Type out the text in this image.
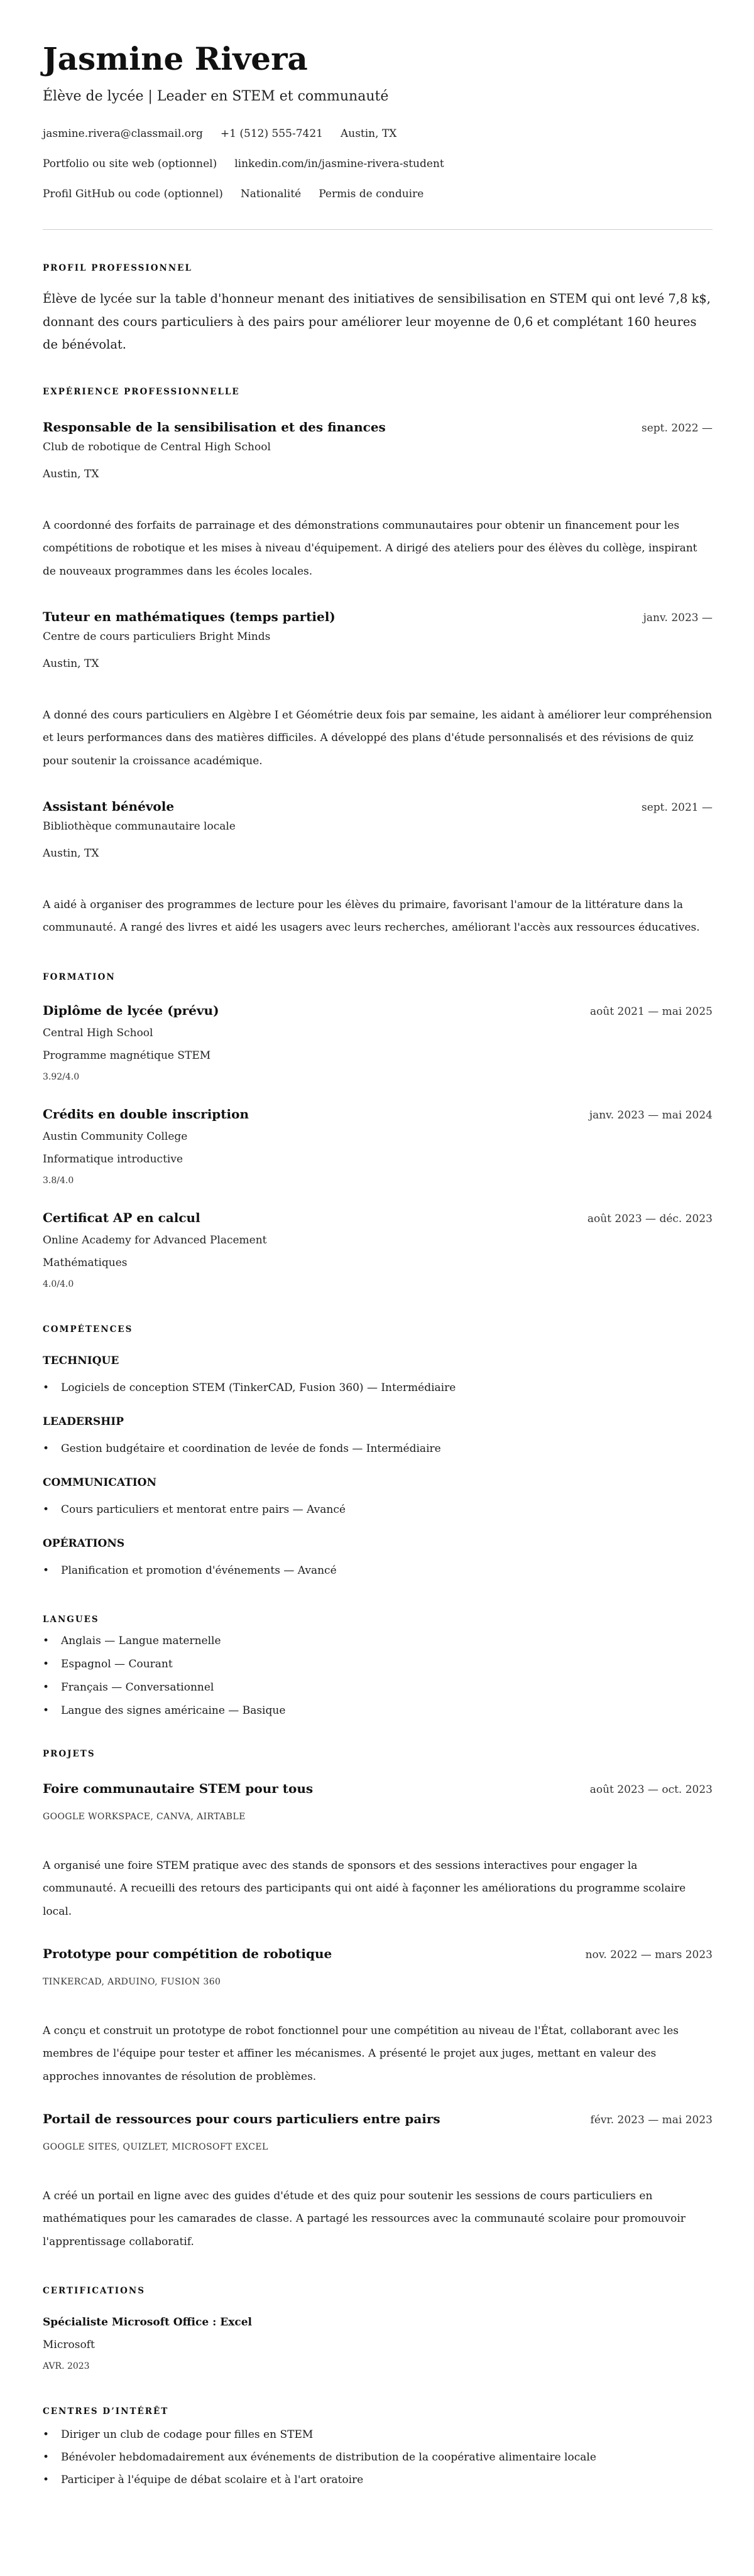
Jasmine Rivera
Élève de lycée | Leader en STEM et communauté
jasmine.rivera@classmail.org +1 (512) 555-7421 Austin, TX
Portfolio ou site web (optionnel) linkedin.com/in/jasmine-rivera-student
Profil GitHub ou code (optionnel) Nationalité Permis de conduire
PROFIL PROFESSIONNEL

Élève de lycée sur la table d'honneur menant des initiatives de sensibilisation en STEM qui ont levé 7,8 k$, donnant des cours particuliers à des pairs pour améliorer leur moyenne de 0,6 et complétant 160 heures de bénévolat.

EXPÉRIENCE PROFESSIONNELLE
Responsable de la sensibilisation et des finances	sept. 2022 —
Club de robotique de Central High School
Austin, TX
A coordonné des forfaits de parrainage et des démonstrations communautaires pour obtenir un financement pour les compétitions de robotique et les mises à niveau d'équipement. A dirigé des ateliers pour des élèves du collège, inspirant de nouveaux programmes dans les écoles locales.
Tuteur en mathématiques (temps partiel)	janv. 2023 —
Centre de cours particuliers Bright Minds
Austin, TX
A donné des cours particuliers en Algèbre I et Géométrie deux fois par semaine, les aidant à améliorer leur compréhension et leurs performances dans des matières difficiles. A développé des plans d'étude personnalisés et des révisions de quiz pour soutenir la croissance académique.
Assistant bénévole	sept. 2021 —
Bibliothèque communautaire locale
Austin, TX
A aidé à organiser des programmes de lecture pour les élèves du primaire, favorisant l'amour de la littérature dans la communauté. A rangé des livres et aidé les usagers avec leurs recherches, améliorant l'accès aux ressources éducatives.
FORMATION
Diplôme de lycée (prévu)	août 2021 — mai 2025
Central High School
Programme magnétique STEM
3.92/4.0
Crédits en double inscription	janv. 2023 — mai 2024
Austin Community College
Informatique introductive
3.8/4.0
Certificat AP en calcul	août 2023 — déc. 2023
Online Academy for Advanced Placement
Mathématiques
4.0/4.0
COMPÉTENCES
TECHNIQUE
• Logiciels de conception STEM (TinkerCAD, Fusion 360) — Intermédiaire
LEADERSHIP
• Gestion budgétaire et coordination de levée de fonds — Intermédiaire
COMMUNICATION
• Cours particuliers et mentorat entre pairs — Avancé
OPÉRATIONS
• Planification et promotion d'événements — Avancé
LANGUES
• Anglais — Langue maternelle
• Espagnol — Courant
• Français — Conversationnel
• Langue des signes américaine — Basique
PROJETS
Foire communautaire STEM pour tous	août 2023 — oct. 2023
GOOGLE WORKSPACE, CANVA, AIRTABLE
A organisé une foire STEM pratique avec des stands de sponsors et des sessions interactives pour engager la communauté. A recueilli des retours des participants qui ont aidé à façonner les améliorations du programme scolaire local.
Prototype pour compétition de robotique	nov. 2022 — mars 2023
TINKERCAD, ARDUINO, FUSION 360
A conçu et construit un prototype de robot fonctionnel pour une compétition au niveau de l'État, collaborant avec les membres de l'équipe pour tester et affiner les mécanismes. A présenté le projet aux juges, mettant en valeur des approches innovantes de résolution de problèmes.
Portail de ressources pour cours particuliers entre pairs	févr. 2023 — mai 2023
GOOGLE SITES, QUIZLET, MICROSOFT EXCEL
A créé un portail en ligne avec des guides d'étude et des quiz pour soutenir les sessions de cours particuliers en mathématiques pour les camarades de classe. A partagé les ressources avec la communauté scolaire pour promouvoir l'apprentissage collaboratif.
CERTIFICATIONS
Spécialiste Microsoft Office : Excel
Microsoft
AVR. 2023
CENTRES D’INTÉRÊT
• Diriger un club de codage pour filles en STEM
• Bénévoler hebdomadairement aux événements de distribution de la coopérative alimentaire locale
• Participer à l'équipe de débat scolaire et à l'art oratoire
